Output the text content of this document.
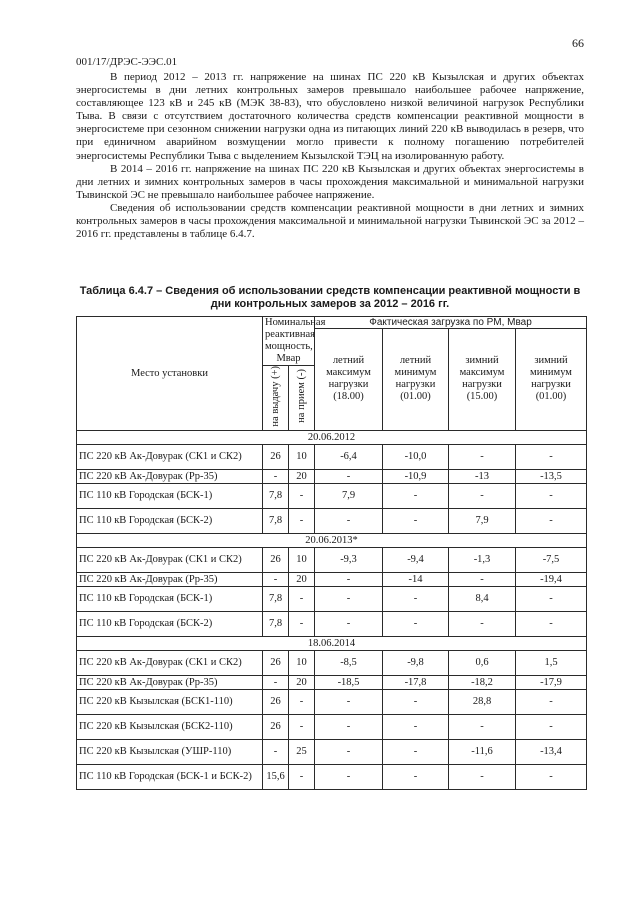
66
001/17/ДРЭС-ЭЭС.01

В период 2012 – 2013 гг. напряжение на шинах ПС 220 кВ Кызылская и других объектах энергосистемы в дни летних контрольных замеров превышало наибольшее рабочее напряжение, составляющее 123 кВ и 245 кВ (МЭК 38-83), что обусловлено низкой величиной нагрузок Республики Тыва. В связи с отсутствием достаточного количества средств компенсации реактивной мощности в энергосистеме при сезонном снижении нагрузки одна из питающих линий 220 кВ выводилась в резерв, что при единичном аварийном возмущении могло привести к полному погашению потребителей энергосистемы Республики Тыва с выделением Кызылской ТЭЦ на изолированную работу.

В 2014 – 2016 гг. напряжение на шинах ПС 220 кВ Кызылская и других объектах энергосистемы в дни летних и зимних контрольных замеров в часы прохождения максимальной и минимальной нагрузки Тывинской ЭС не превышало наибольшее рабочее напряжение.

Сведения об использовании средств компенсации реактивной мощности в дни летних и зимних контрольных замеров в часы прохождения максимальной и минимальной нагрузки Тывинской ЭС за 2012 – 2016 гг. представлены в таблице 6.4.7.

Таблица 6.4.7 – Сведения об использовании средств компенсации реактивной мощности в
дни контрольных замеров за 2012 – 2016 гг.
Место установки	Номинальная реактивная мощность, Мвар		Фактическая загрузка по РМ, Мвар			
			летний максимум нагрузки (18.00)	летний минимум нагрузки (01.00)	зимний максимум нагрузки (15.00)	зимний минимум нагрузки (01.00)
	на выдачу (+)	на прием (-)				
20.06.2012						
ПС 220 кВ Ак-Довурак (СК1 и СК2)	26	10	-6,4	-10,0	-	-
ПС 220 кВ Ак-Довурак (Рр-35)	-	20	-	-10,9	-13	-13,5
ПС 110 кВ Городская (БСК-1)	7,8	-	7,9	-	-	-
ПС 110 кВ Городская (БСК-2)	7,8	-	-	-	7,9	-
20.06.2013*						
ПС 220 кВ Ак-Довурак (СК1 и СК2)	26	10	-9,3	-9,4	-1,3	-7,5
ПС 220 кВ Ак-Довурак (Рр-35)	-	20	-	-14	-	-19,4
ПС 110 кВ Городская (БСК-1)	7,8	-	-	-	8,4	-
ПС 110 кВ Городская (БСК-2)	7,8	-	-	-	-	-
18.06.2014						
ПС 220 кВ Ак-Довурак (СК1 и СК2)	26	10	-8,5	-9,8	0,6	1,5
ПС 220 кВ Ак-Довурак (Рр-35)	-	20	-18,5	-17,8	-18,2	-17,9
ПС 220 кВ Кызылская (БСК1-110)	26	-	-	-	28,8	-
ПС 220 кВ Кызылская (БСК2-110)	26	-	-	-	-	-
ПС 220 кВ Кызылская (УШР-110)	-	25	-	-	-11,6	-13,4
ПС 110 кВ Городская (БСК-1 и БСК-2)	15,6	-	-	-	-	-
